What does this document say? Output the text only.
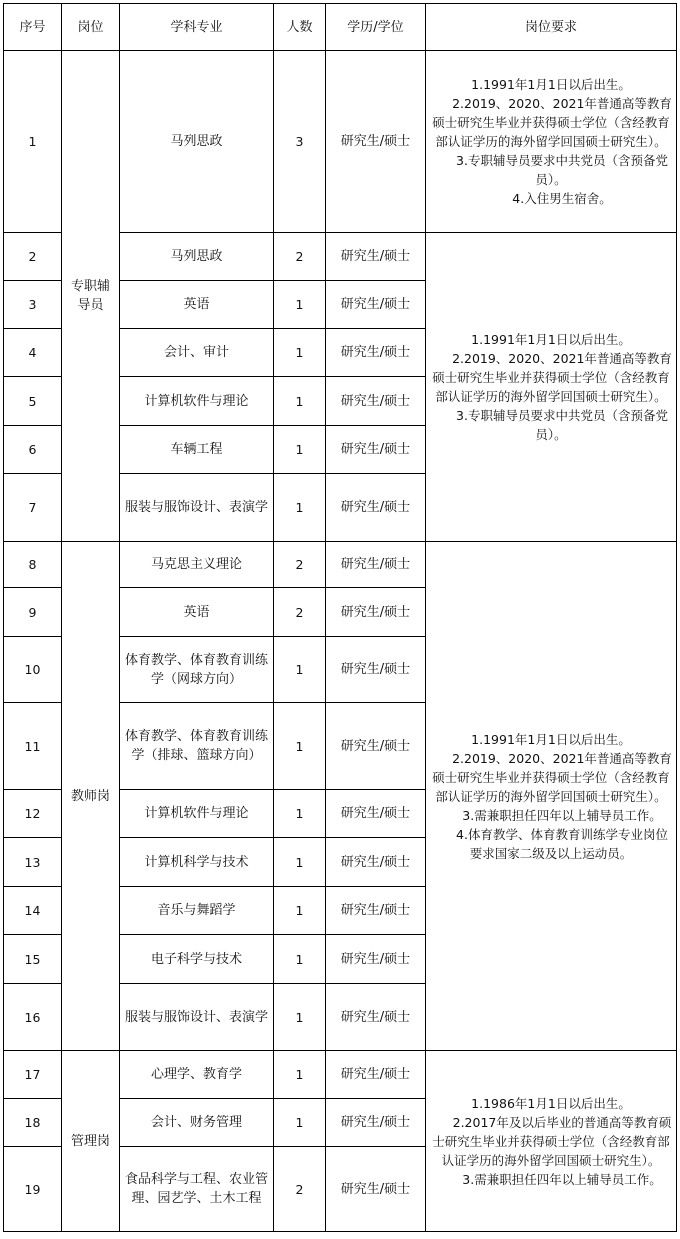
序号	岗位	学科专业	人数	学历/学位	岗位要求
1	专职辅导员	马列思政	3	研究生/硕士	1.1991年1月1日以后出生。
2.2019、2020、2021年普通高等教育硕士研究生毕业并获得硕士学位（含经教育部认证学历的海外留学回国硕士研究生）。
3.专职辅导员要求中共党员（含预备党员）。
4.入住男生宿舍。

2		马列思政	2	研究生/硕士	1.1991年1月1日以后出生。
2.2019、2020、2021年普通高等教育硕士研究生毕业并获得硕士学位（含经教育部认证学历的海外留学回国硕士研究生）。
3.专职辅导员要求中共党员（含预备党员）。

3		英语	1	研究生/硕士	
4		会计、审计	1	研究生/硕士	
5		计算机软件与理论	1	研究生/硕士	
6		车辆工程	1	研究生/硕士	
7		服装与服饰设计、表演学	1	研究生/硕士	
8	教师岗	马克思主义理论	2	研究生/硕士	1.1991年1月1日以后出生。
2.2019、2020、2021年普通高等教育硕士研究生毕业并获得硕士学位（含经教育部认证学历的海外留学回国硕士研究生）。
3.需兼职担任四年以上辅导员工作。
4.体育教学、体育教育训练学专业岗位要求国家二级及以上运动员。

9		英语	2	研究生/硕士	
10		体育教学、体育教育训练学（网球方向）	1	研究生/硕士	
11		体育教学、体育教育训练学（排球、篮球方向）	1	研究生/硕士	
12		计算机软件与理论	1	研究生/硕士	
13		计算机科学与技术	1	研究生/硕士	
14		音乐与舞蹈学	1	研究生/硕士	
15		电子科学与技术	1	研究生/硕士	
16		服装与服饰设计、表演学	1	研究生/硕士	
17	管理岗	心理学、教育学	1	研究生/硕士	1.1986年1月1日以后出生。
2.2017年及以后毕业的普通高等教育硕士研究生毕业并获得硕士学位（含经教育部认证学历的海外留学回国硕士研究生）。
3.需兼职担任四年以上辅导员工作。

18		会计、财务管理	1	研究生/硕士	
19		食品科学与工程、农业管理、园艺学、土木工程	2	研究生/硕士	
